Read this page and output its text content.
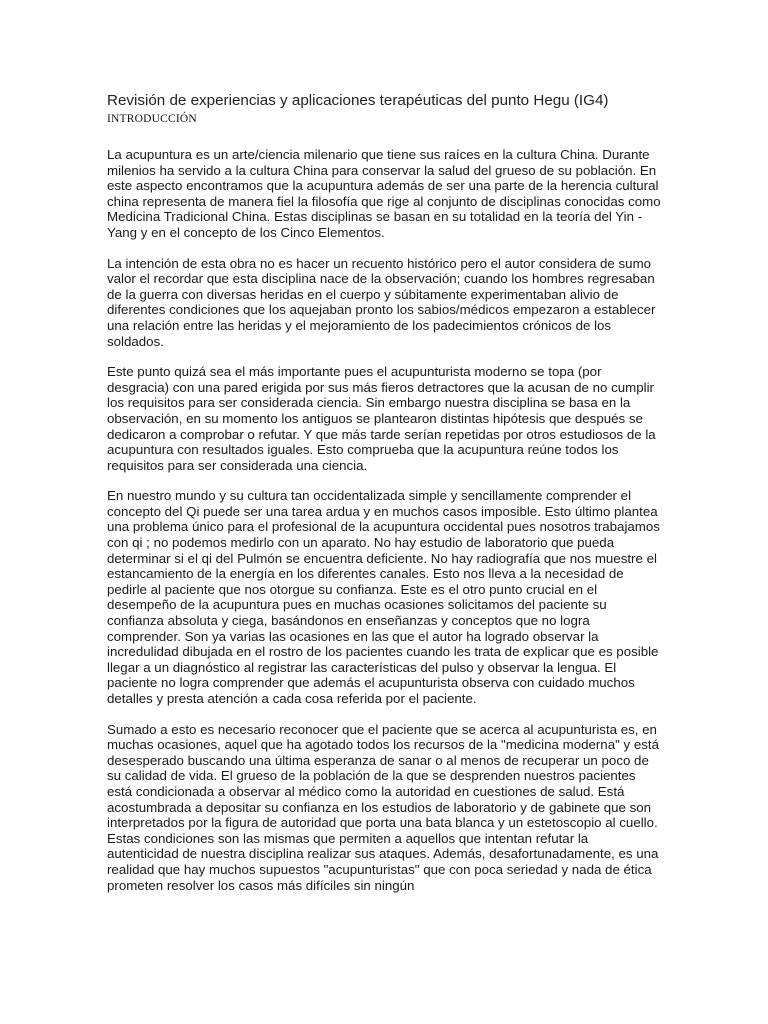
Revisión de experiencias y aplicaciones terapéuticas del punto Hegu (IG4)
INTRODUCCIÓN

La acupuntura es un arte/ciencia milenario que tiene sus raíces en la cultura China. Durante milenios ha servido a la cultura China para conservar la salud del grueso de su población. En este aspecto encontramos que la acupuntura además de ser una parte de la herencia cultural china representa de manera fiel la filosofía que rige al conjunto de disciplinas conocidas como Medicina Tradicional China. Estas disciplinas se basan en su totalidad en la teoría del Yin - Yang y en el concepto de los Cinco Elementos.

La intención de esta obra no es hacer un recuento histórico pero el autor considera de sumo valor el recordar que esta disciplina nace de la observación; cuando los hombres regresaban de la guerra con diversas heridas en el cuerpo y súbitamente experimentaban alivio de diferentes condiciones que los aquejaban pronto los sabios/médicos empezaron a establecer una relación entre las heridas y el mejoramiento de los padecimientos crónicos de los soldados.

Este punto quizá sea el más importante pues el acupunturista moderno se topa (por desgracia) con una pared erigida por sus más fieros detractores que la acusan de no cumplir los requisitos para ser considerada ciencia. Sin embargo nuestra disciplina se basa en la observación, en su momento los antiguos se plantearon distintas hipótesis que después se dedicaron a comprobar o refutar. Y que más tarde serían repetidas por otros estudiosos de la acupuntura con resultados iguales. Esto comprueba que la acupuntura reúne todos los requisitos para ser considerada una ciencia.

En nuestro mundo y su cultura tan occidentalizada simple y sencillamente comprender el concepto del Qi puede ser una tarea ardua y en muchos casos imposible. Esto último plantea una problema único para el profesional de la acupuntura occidental pues nosotros trabajamos con qi ; no podemos medirlo con un aparato. No hay estudio de laboratorio que pueda determinar si el qi del Pulmón se encuentra deficiente. No hay radiografía que nos muestre el estancamiento de la energía en los diferentes canales. Esto nos lleva a la necesidad de pedirle al paciente que nos otorgue su confianza. Este es el otro punto crucial en el desempeño de la acupuntura pues en muchas ocasiones solicitamos del paciente su confianza absoluta y ciega, basándonos en enseñanzas y conceptos que no logra comprender. Son ya varias las ocasiones en las que el autor ha logrado observar la incredulidad dibujada en el rostro de los pacientes cuando les trata de explicar que es posible llegar a un diagnóstico al registrar las características del pulso y observar la lengua. El paciente no logra comprender que además el acupunturista observa con cuidado muchos detalles y presta atención a cada cosa referida por el paciente.

Sumado a esto es necesario reconocer que el paciente que se acerca al acupunturista es, en muchas ocasiones, aquel que ha agotado todos los recursos de la "medicina moderna" y está desesperado buscando una última esperanza de sanar o al menos de recuperar un poco de su calidad de vida. El grueso de la población de la que se desprenden nuestros pacientes está condicionada a observar al médico como la autoridad en cuestiones de salud. Está acostumbrada a depositar su confianza en los estudios de laboratorio y de gabinete que son interpretados por la figura de autoridad que porta una bata blanca y un estetoscopio al cuello. Estas condiciones son las mismas que permiten a aquellos que intentan refutar la autenticidad de nuestra disciplina realizar sus ataques. Además, desafortunadamente, es una realidad que hay muchos supuestos "acupunturistas" que con poca seriedad y nada de ética prometen resolver los casos más difíciles sin ningún
